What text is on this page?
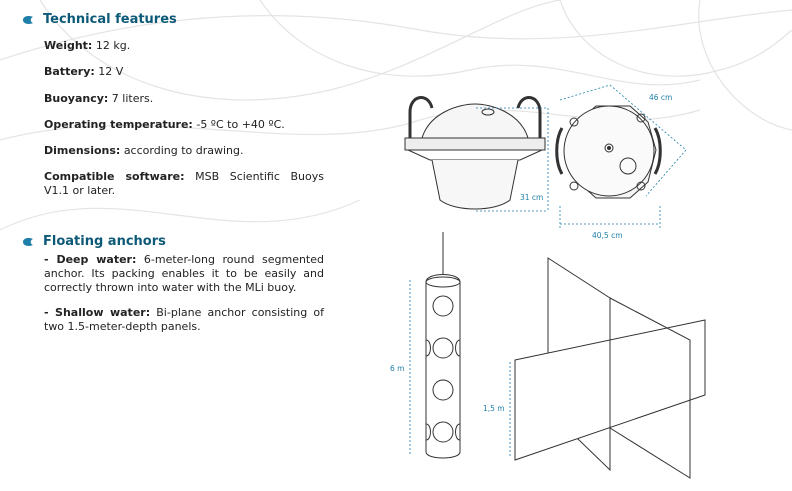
Technical features
Weight: 12 kg.
Battery: 12 V
Buoyancy: 7 liters.
Operating temperature: -5 ºC to +40 ºC.
Dimensions: according to drawing.
Compatible software: MSB Scientific Buoys V1.1 or later.
Floating anchors
- Deep water: 6-meter-long round segmented anchor. Its packing enables it to be easily and correctly thrown into water with the MLi buoy.
- Shallow water: Bi-plane anchor consisting of two 1.5-meter-depth panels.
46 cm
31 cm
40,5 cm
6 m
1,5 m
